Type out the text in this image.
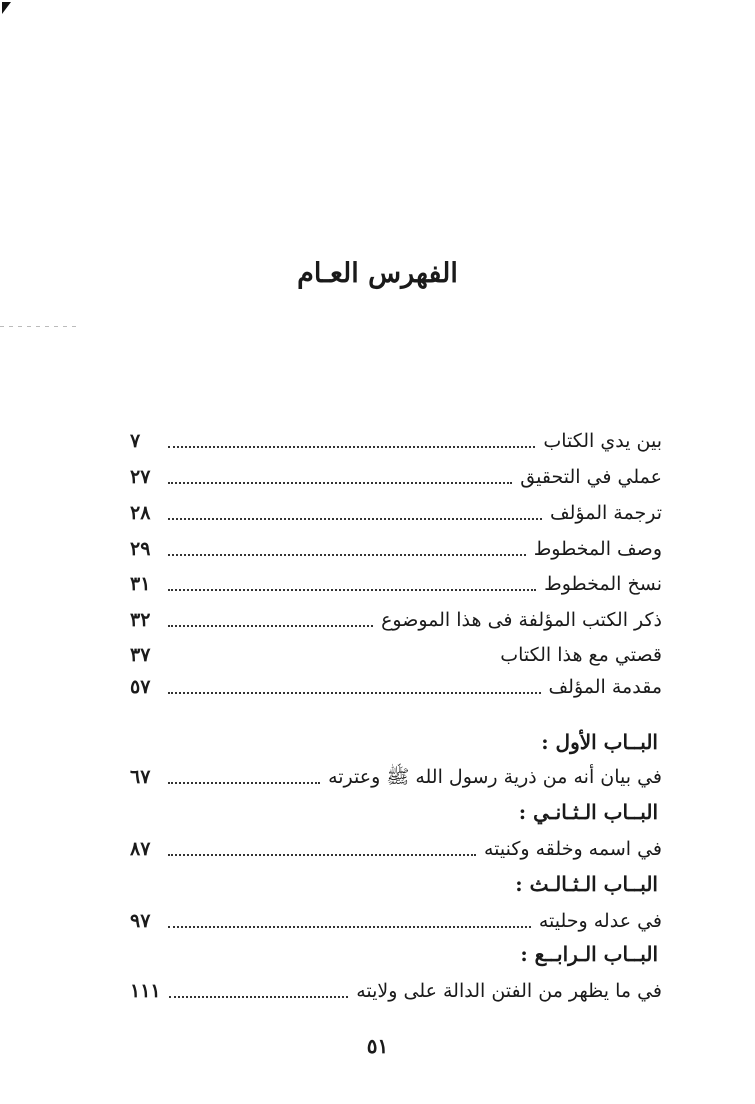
الفهرس العـام
بين يدي الكتاب
٧
عملي في التحقيق
٢٧
ترجمة المؤلف
٢٨
وصف المخطوط
٢٩
نسخ المخطوط
٣١
ذكر الكتب المؤلفة فى هذا الموضوع
٣٢
قصتي مع هذا الكتاب
٣٧
مقدمة المؤلف
٥٧
البــاب الأول :
في بيان أنه من ذرية رسول الله ﷺ وعترته
٦٧
البــاب الـثـانـي :
في اسمه وخلقه وكنيته
٨٧
البــاب الـثـالـث :
في عدله وحليته
٩٧
البــاب الـرابــع :
في ما يظهر من الفتن الدالة على ولايته
١١١
٥١
